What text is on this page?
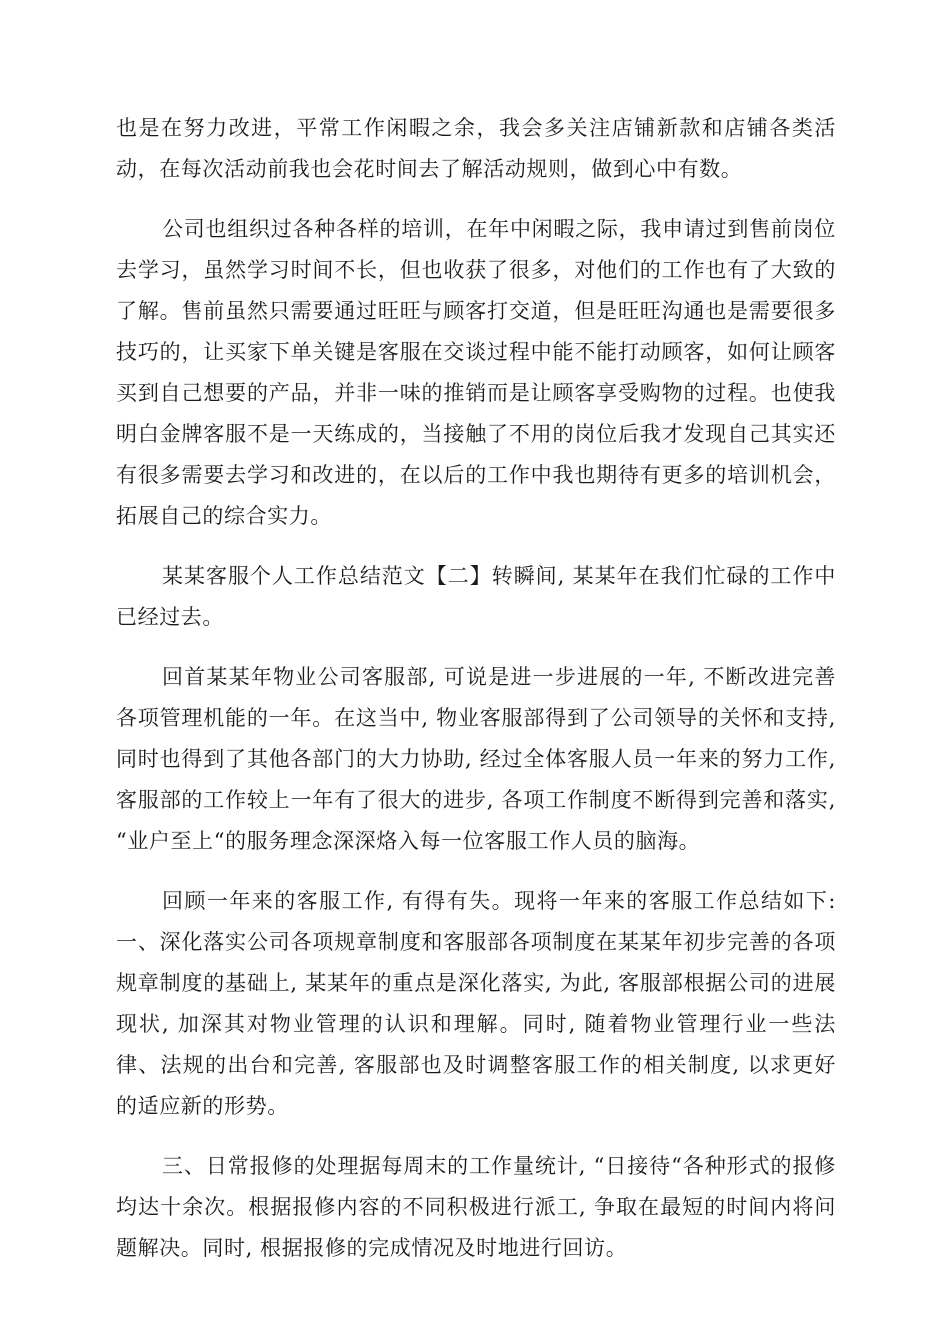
也是在努力改进，平常工作闲暇之余，我会多关注店铺新款和店铺各类活动，在每次活动前我也会花时间去了解活动规则，做到心中有数。

公司也组织过各种各样的培训，在年中闲暇之际，我申请过到售前岗位去学习，虽然学习时间不长，但也收获了很多，对他们的工作也有了大致的了解。售前虽然只需要通过旺旺与顾客打交道，但是旺旺沟通也是需要很多技巧的，让买家下单关键是客服在交谈过程中能不能打动顾客，如何让顾客买到自己想要的产品，并非一味的推销而是让顾客享受购物的过程。也使我明白金牌客服不是一天练成的，当接触了不用的岗位后我才发现自己其实还有很多需要去学习和改进的，在以后的工作中我也期待有更多的培训机会，拓展自己的综合实力。

某某客服个人工作总结范文【二】转瞬间, 某某年在我们忙碌的工作中已经过去。

回首某某年物业公司客服部, 可说是进一步进展的一年, 不断改进完善各项管理机能的一年。在这当中, 物业客服部得到了公司领导的关怀和支持, 同时也得到了其他各部门的大力协助, 经过全体客服人员一年来的努力工作, 客服部的工作较上一年有了很大的进步, 各项工作制度不断得到完善和落实, “业户至上“的服务理念深深烙入每一位客服工作人员的脑海。

回顾一年来的客服工作, 有得有失。现将一年来的客服工作总结如下: 一、深化落实公司各项规章制度和客服部各项制度在某某年初步完善的各项规章制度的基础上, 某某年的重点是深化落实, 为此, 客服部根据公司的进展现状, 加深其对物业管理的认识和理解。同时, 随着物业管理行业一些法律、法规的出台和完善, 客服部也及时调整客服工作的相关制度, 以求更好的适应新的形势。

三、日常报修的处理据每周末的工作量统计, “日接待“各种形式的报修均达十余次。根据报修内容的不同积极进行派工, 争取在最短的时间内将问题解决。同时, 根据报修的完成情况及时地进行回访。
